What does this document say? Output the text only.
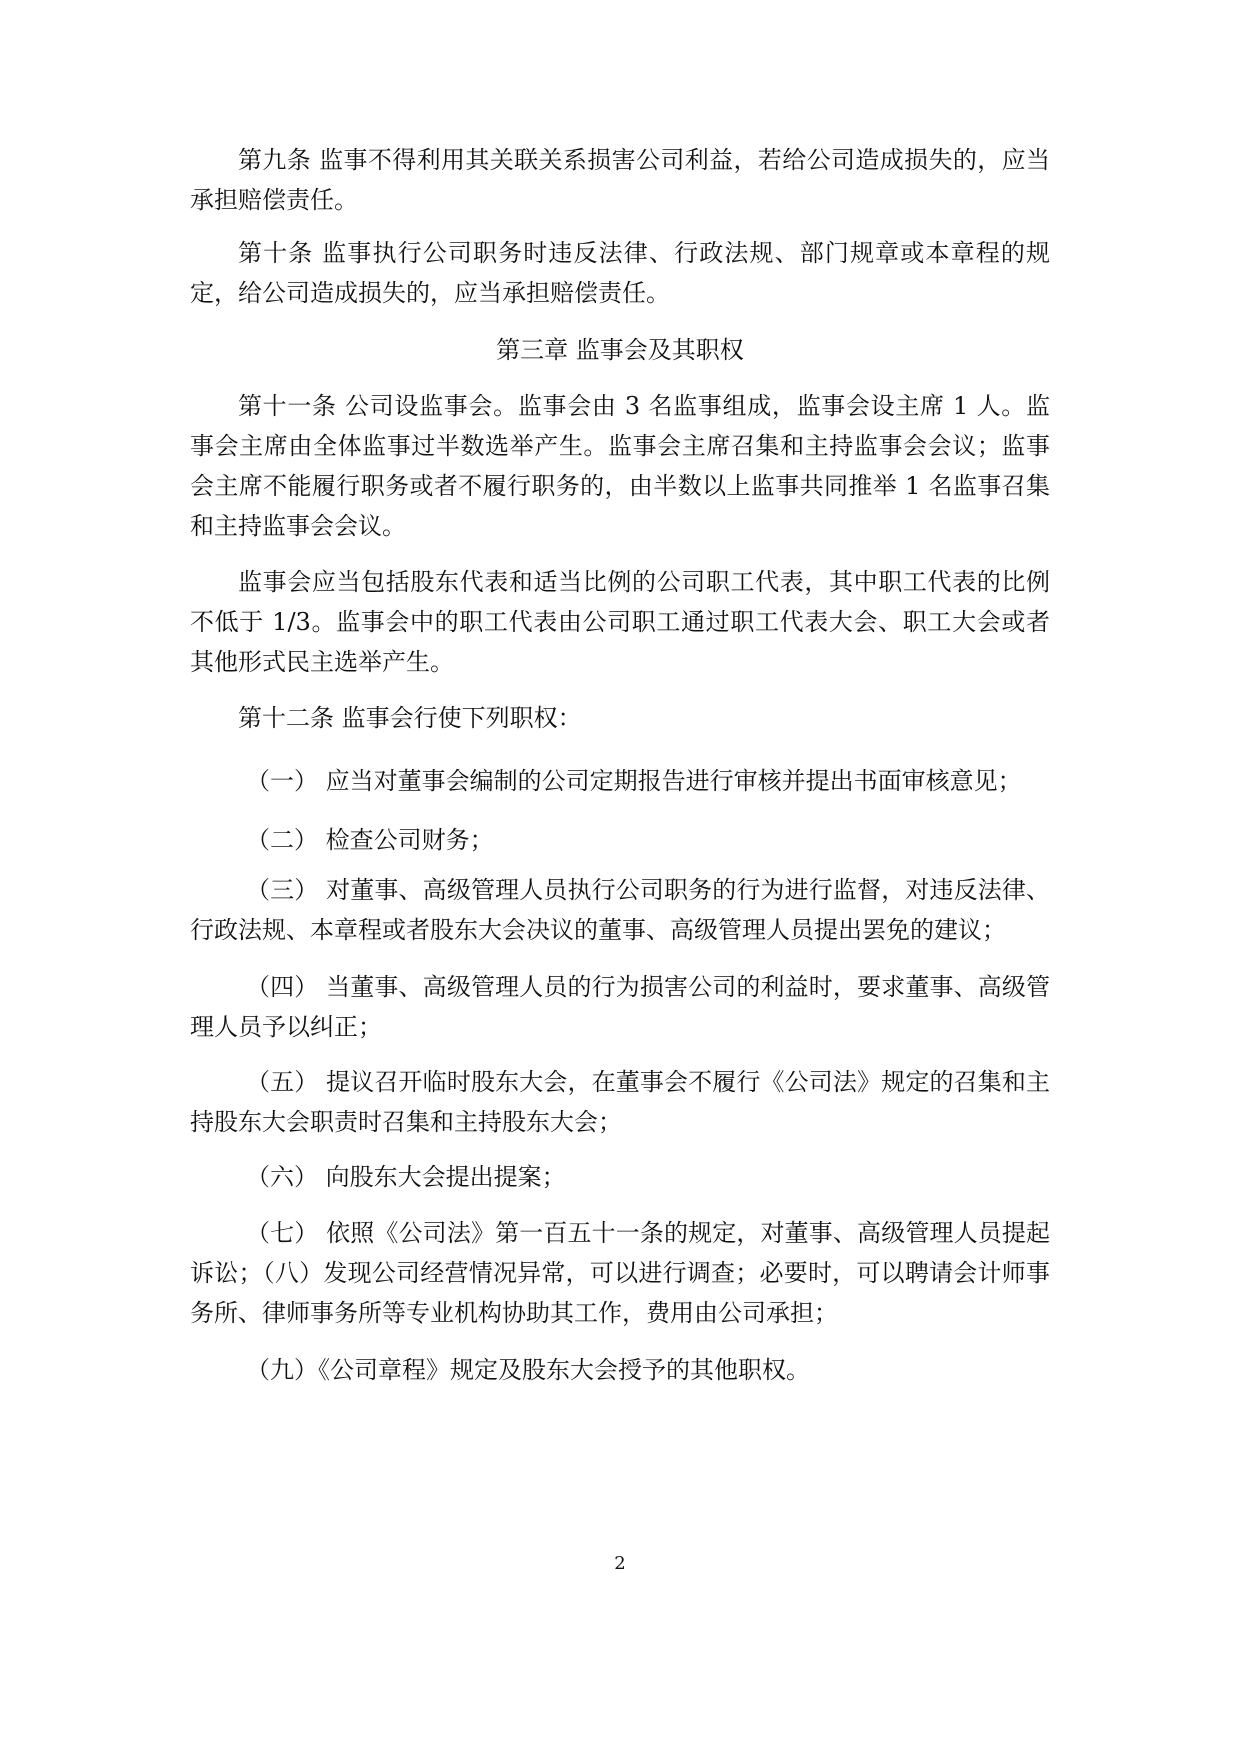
第九条 监事不得利用其关联关系损害公司利益，若给公司造成损失的，应当承担赔偿责任。

第十条 监事执行公司职务时违反法律、行政法规、部门规章或本章程的规定，给公司造成损失的，应当承担赔偿责任。

第三章 监事会及其职权

第十一条 公司设监事会。监事会由 3 名监事组成，监事会设主席 1 人。监事会主席由全体监事过半数选举产生。监事会主席召集和主持监事会会议；监事会主席不能履行职务或者不履行职务的，由半数以上监事共同推举 1 名监事召集和主持监事会会议。

监事会应当包括股东代表和适当比例的公司职工代表，其中职工代表的比例不低于 1/3。监事会中的职工代表由公司职工通过职工代表大会、职工大会或者其他形式民主选举产生。

第十二条 监事会行使下列职权：

（一） 应当对董事会编制的公司定期报告进行审核并提出书面审核意见；

（二） 检查公司财务；

（三） 对董事、高级管理人员执行公司职务的行为进行监督，对违反法律、行政法规、本章程或者股东大会决议的董事、高级管理人员提出罢免的建议；

（四） 当董事、高级管理人员的行为损害公司的利益时，要求董事、高级管理人员予以纠正；

（五） 提议召开临时股东大会，在董事会不履行《公司法》规定的召集和主持股东大会职责时召集和主持股东大会；

（六） 向股东大会提出提案；

（七） 依照《公司法》第一百五十一条的规定，对董事、高级管理人员提起诉讼；（八）发现公司经营情况异常，可以进行调查；必要时，可以聘请会计师事务所、律师事务所等专业机构协助其工作，费用由公司承担；

（九）《公司章程》规定及股东大会授予的其他职权。

2
